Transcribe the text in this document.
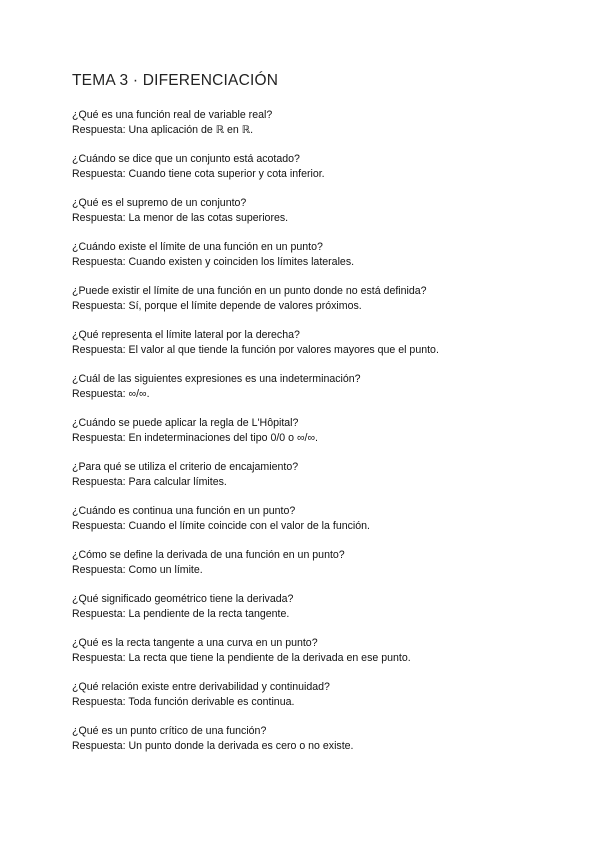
TEMA 3 · DIFERENCIACIÓN
¿Qué es una función real de variable real?
Respuesta: Una aplicación de ℝ en ℝ.
¿Cuándo se dice que un conjunto está acotado?
Respuesta: Cuando tiene cota superior y cota inferior.
¿Qué es el supremo de un conjunto?
Respuesta: La menor de las cotas superiores.
¿Cuándo existe el límite de una función en un punto?
Respuesta: Cuando existen y coinciden los límites laterales.
¿Puede existir el límite de una función en un punto donde no está definida?
Respuesta: Sí, porque el límite depende de valores próximos.
¿Qué representa el límite lateral por la derecha?
Respuesta: El valor al que tiende la función por valores mayores que el punto.
¿Cuál de las siguientes expresiones es una indeterminación?
Respuesta: ∞/∞.
¿Cuándo se puede aplicar la regla de L'Hôpital?
Respuesta: En indeterminaciones del tipo 0/0 o ∞/∞.
¿Para qué se utiliza el criterio de encajamiento?
Respuesta: Para calcular límites.
¿Cuándo es continua una función en un punto?
Respuesta: Cuando el límite coincide con el valor de la función.
¿Cómo se define la derivada de una función en un punto?
Respuesta: Como un límite.
¿Qué significado geométrico tiene la derivada?
Respuesta: La pendiente de la recta tangente.
¿Qué es la recta tangente a una curva en un punto?
Respuesta: La recta que tiene la pendiente de la derivada en ese punto.
¿Qué relación existe entre derivabilidad y continuidad?
Respuesta: Toda función derivable es continua.
¿Qué es un punto crítico de una función?
Respuesta: Un punto donde la derivada es cero o no existe.
